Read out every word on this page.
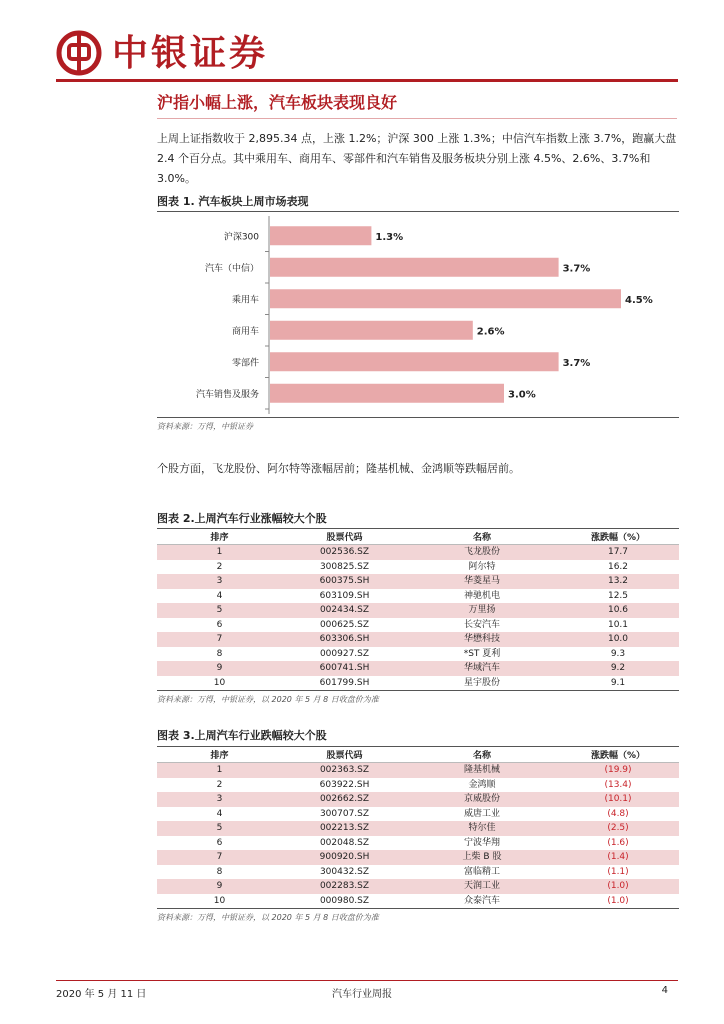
中银证券
沪指小幅上涨，汽车板块表现良好
上周上证指数收于 2,895.34 点，上涨 1.2%；沪深 300 上涨 1.3%；中信汽车指数上涨 3.7%，跑赢大盘 2.4 个百分点。其中乘用车、商用车、零部件和汽车销售及服务板块分别上涨 4.5%、2.6%、3.7%和 3.0%。
图表 1. 汽车板块上周市场表现
沪深300	1.3%
汽车（中信）	3.7%
乘用车	4.5%
商用车	2.6%
零部件	3.7%
汽车销售及服务	3.0%
资料来源：万得，中银证券
个股方面，飞龙股份、阿尔特等涨幅居前；隆基机械、金鸿顺等跌幅居前。
图表 2.上周汽车行业涨幅较大个股
排序	股票代码	名称	涨跌幅（%）
1	002536.SZ	飞龙股份	17.7
2	300825.SZ	阿尔特	16.2
3	600375.SH	华菱星马	13.2
4	603109.SH	神驰机电	12.5
5	002434.SZ	万里扬	10.6
6	000625.SZ	长安汽车	10.1
7	603306.SH	华懋科技	10.0
8	000927.SZ	*ST 夏利	9.3
9	600741.SH	华域汽车	9.2
10	601799.SH	星宇股份	9.1
资料来源：万得，中银证券，以 2020 年 5 月 8 日收盘价为准
图表 3.上周汽车行业跌幅较大个股
排序	股票代码	名称	涨跌幅（%）
1	002363.SZ	隆基机械	(19.9)
2	603922.SH	金鸿顺	(13.4)
3	002662.SZ	京威股份	(10.1)
4	300707.SZ	威唐工业	(4.8)
5	002213.SZ	特尔佳	(2.5)
6	002048.SZ	宁波华翔	(1.6)
7	900920.SH	上柴 B 股	(1.4)
8	300432.SZ	富临精工	(1.1)
9	002283.SZ	天润工业	(1.0)
10	000980.SZ	众泰汽车	(1.0)
资料来源：万得，中银证券，以 2020 年 5 月 8 日收盘价为准
2020 年 5 月 11 日	汽车行业周报	4
